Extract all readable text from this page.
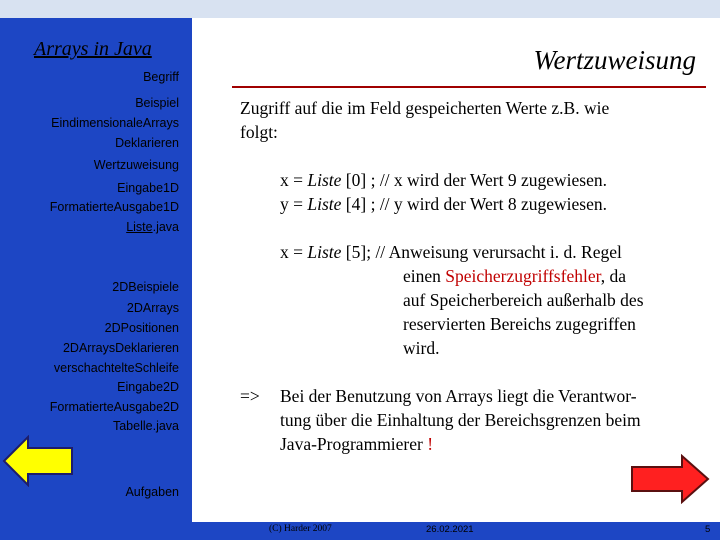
Arrays in Java
Begriff
Beispiel
EindimensionaleArrays
Deklarieren
Wertzuweisung
Eingabe1D
FormatierteAusgabe1D
Liste.java
2DBeispiele
2DArrays
2DPositionen
2DArraysDeklarieren
verschachtelteSchleife
Eingabe2D
FormatierteAusgabe2D
Tabelle.java
Aufgaben
Wertzuweisung
Zugriff auf die im Feld gespeicherten Werte z.B. wie
folgt:
x = Liste [0] ; // x wird der Wert 9 zugewiesen.
y = Liste [4] ; // y wird der Wert 8 zugewiesen.
x = Liste [5]; // Anweisung verursacht i. d. Regel
einen Speicherzugriffsfehler, da
auf Speicherbereich außerhalb des
reservierten Bereichs zugegriffen
wird.
=> Bei der Benutzung von Arrays liegt die Verantwor-
tung über die Einhaltung der Bereichsgrenzen beim
Java-Programmierer !
(C) Harder 2007	26.02.2021	5
